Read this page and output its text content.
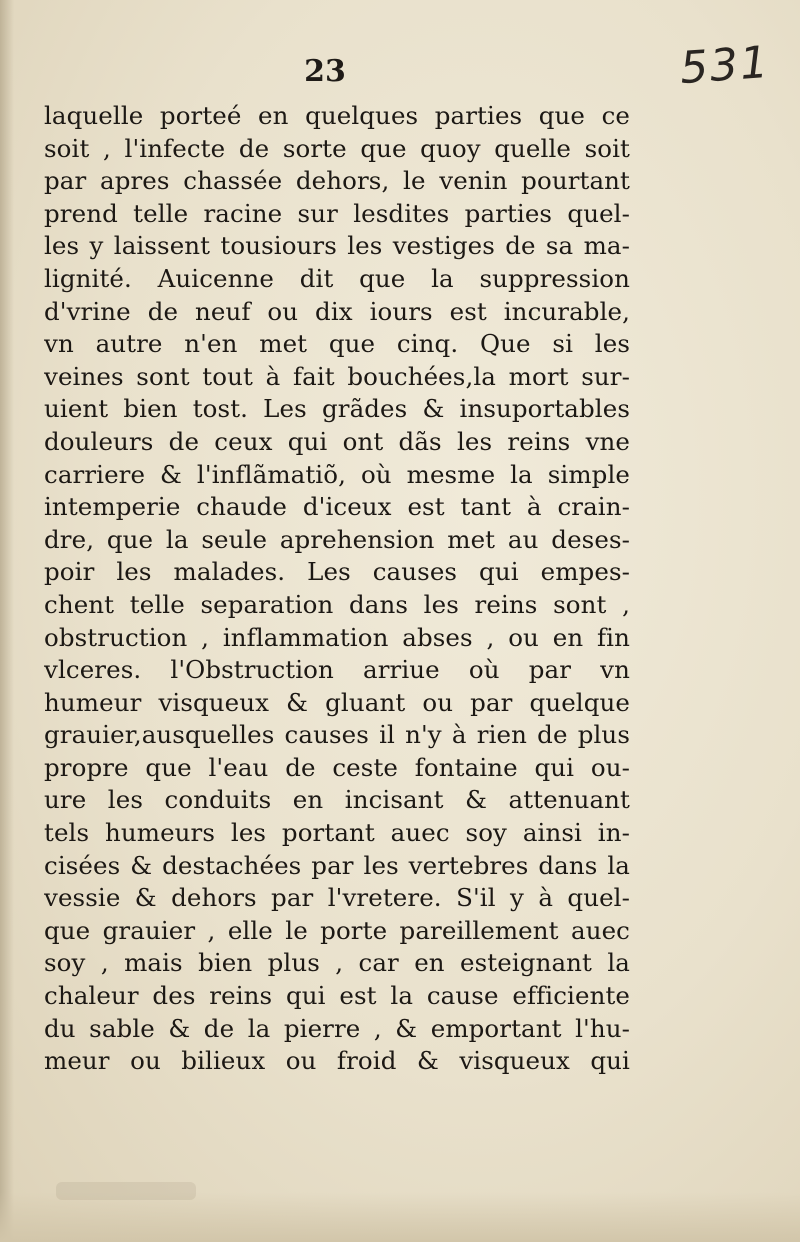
531
23
laquelle porteé en quelques parties que ce
soit , l'infecte de sorte que quoy quelle soit
par apres chassée dehors, le venin pourtant
prend telle racine sur lesdites parties quel-
les y laissent tousiours les vestiges de sa ma-
lignité. Auicenne dit que la suppression
d'vrine de neuf ou dix iours est incurable,
vn autre n'en met que cinq. Que si les
veines sont tout à fait bouchées,la mort sur-
uient bien tost. Les grãdes & insuportables
douleurs de ceux qui ont dãs les reins vne
carriere & l'inflãmatiõ, où mesme la simple
intemperie chaude d'iceux est tant à crain-
dre, que la seule aprehension met au deses-
poir les malades. Les causes qui empes-
chent telle separation dans les reins sont ,
obstruction , inflammation abses , ou en fin
vlceres. l'Obstruction arriue où par vn
humeur visqueux & gluant ou par quelque
grauier,ausquelles causes il n'y à rien de plus
propre que l'eau de ceste fontaine qui ou-
ure les conduits en incisant & attenuant
tels humeurs les portant auec soy ainsi in-
cisées & destachées par les vertebres dans la
vessie & dehors par l'vretere. S'il y à quel-
que grauier , elle le porte pareillement auec
soy , mais bien plus , car en esteignant la
chaleur des reins qui est la cause efficiente
du sable & de la pierre , & emportant l'hu-
meur ou bilieux ou froid & visqueux qui
